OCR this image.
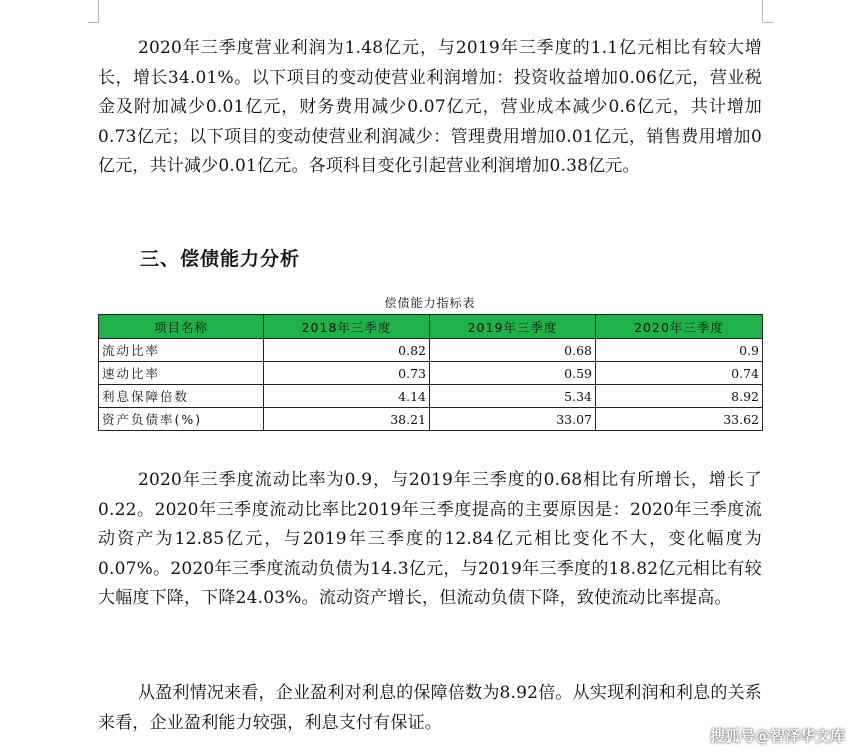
2020年三季度营业利润为1.48亿元，与2019年三季度的1.1亿元相比有较大增长，增长34.01%。以下项目的变动使营业利润增加：投资收益增加0.06亿元，营业税金及附加减少0.01亿元，财务费用减少0.07亿元，营业成本减少0.6亿元，共计增加0.73亿元；以下项目的变动使营业利润减少：管理费用增加0.01亿元，销售费用增加0亿元，共计减少0.01亿元。各项科目变化引起营业利润增加0.38亿元。

三、偿债能力分析
偿债能力指标表
项目名称	2018年三季度	2019年三季度	2020年三季度
流动比率	0.82	0.68	0.9
速动比率	0.73	0.59	0.74
利息保障倍数	4.14	5.34	8.92
资产负债率(%)	38.21	33.07	33.62

2020年三季度流动比率为0.9，与2019年三季度的0.68相比有所增长，增长了0.22。2020年三季度流动比率比2019年三季度提高的主要原因是：2020年三季度流动资产为12.85亿元，与2019年三季度的12.84亿元相比变化不大，变化幅度为0.07%。2020年三季度流动负债为14.3亿元，与2019年三季度的18.82亿元相比有较大幅度下降，下降24.03%。流动资产增长，但流动负债下降，致使流动比率提高。

从盈利情况来看，企业盈利对利息的保障倍数为8.92倍。从实现利润和利息的关系来看，企业盈利能力较强，利息支付有保证。

搜狐号@智泽华文库
